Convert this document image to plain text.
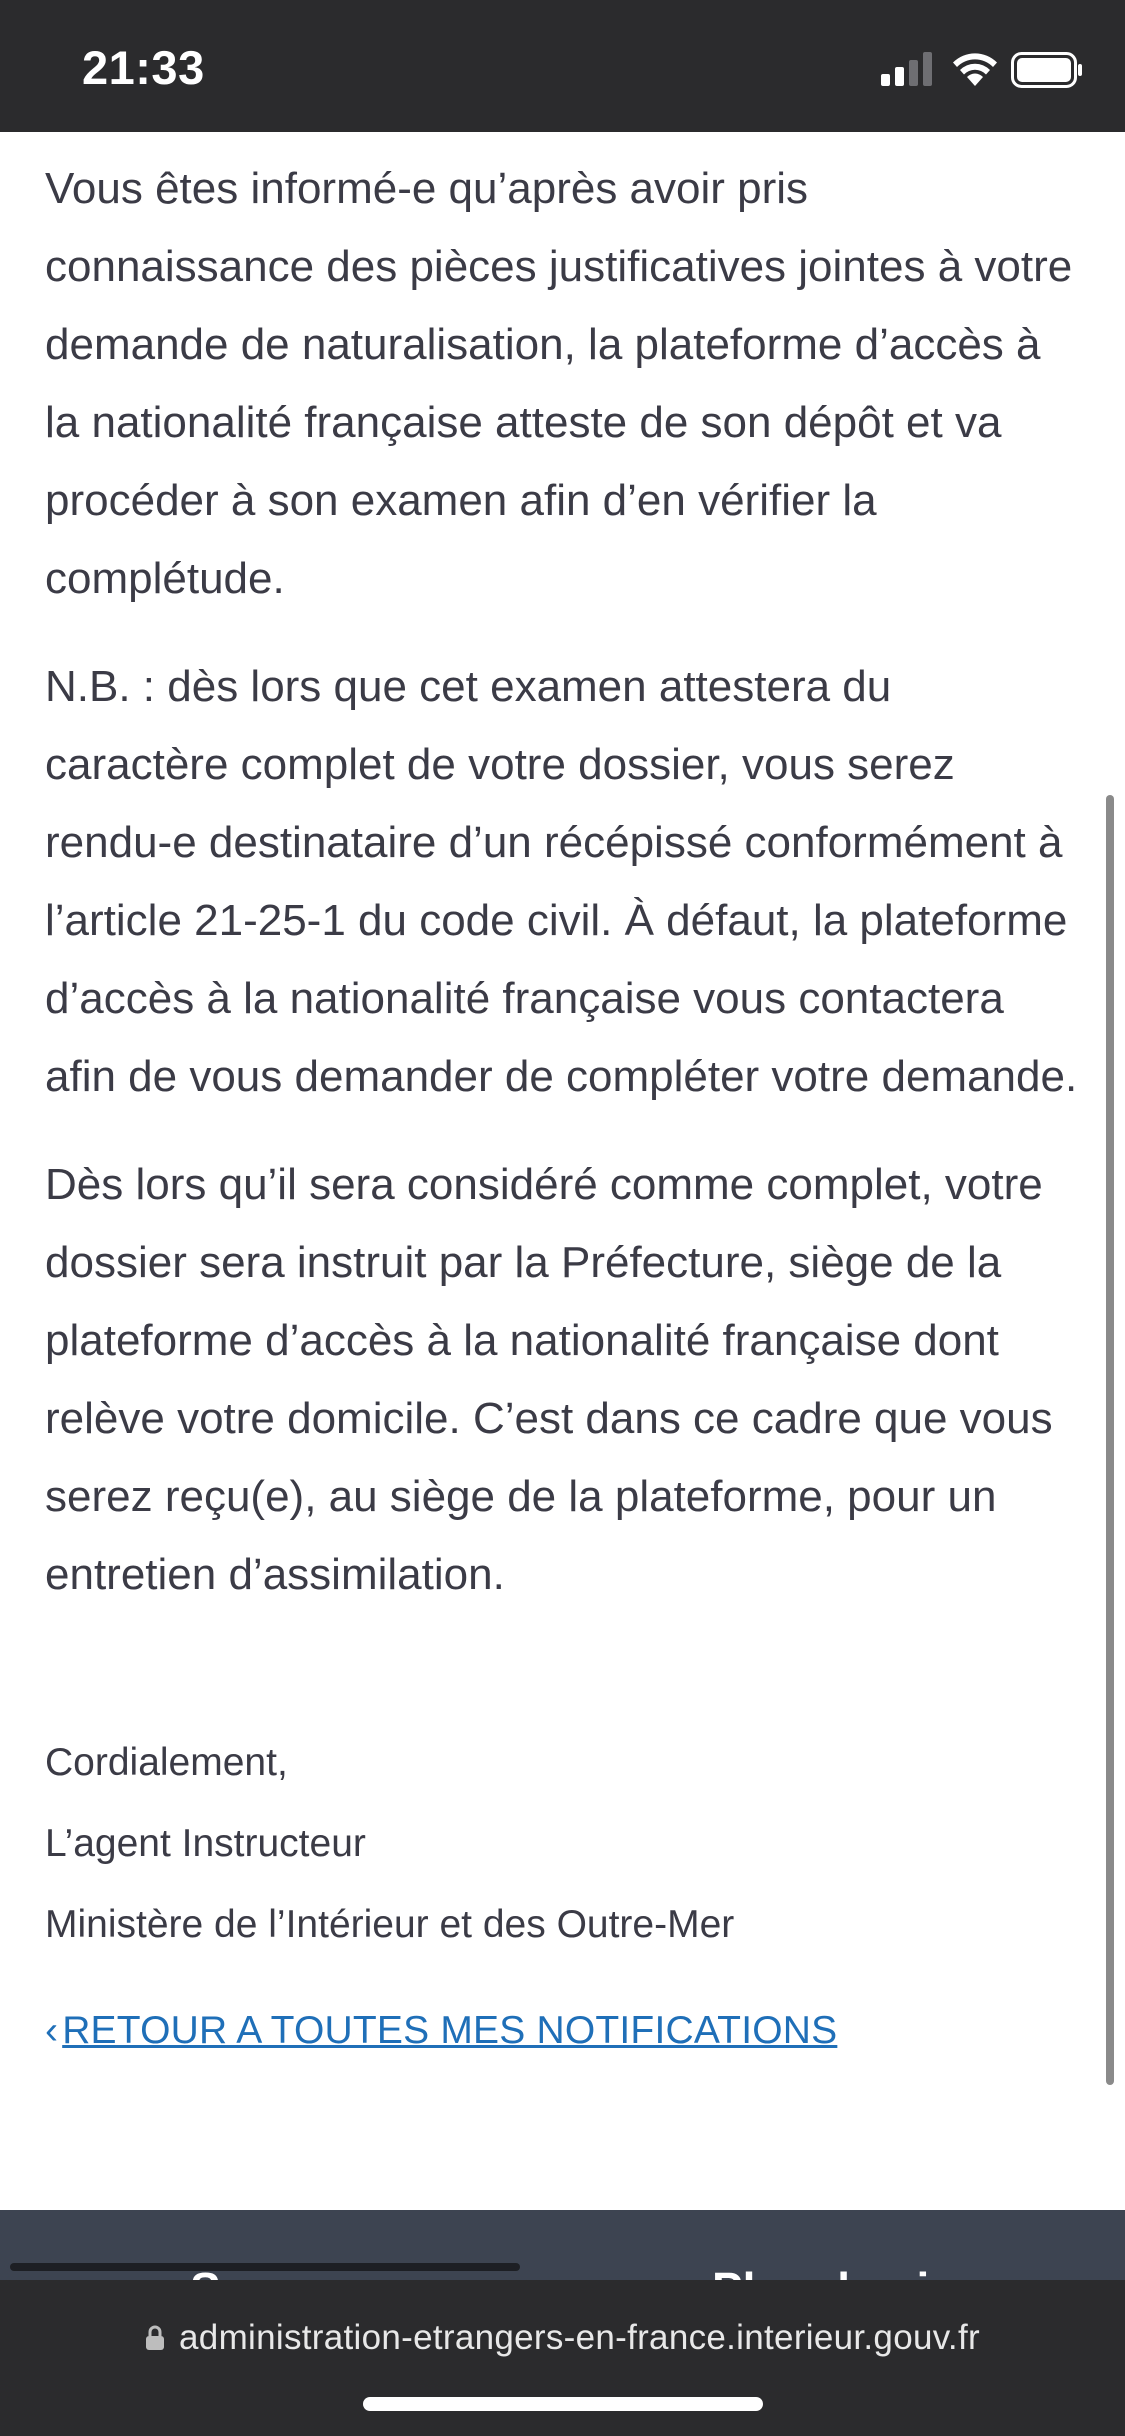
21:33

Vous êtes informé-e qu’après avoir pris connaissance des pièces justificatives jointes à votre demande de naturalisation, la plateforme d’accès à la nationalité française atteste de son dépôt et va procéder à son examen afin d’en vérifier la complétude.

N.B. : dès lors que cet examen attestera du caractère complet de votre dossier, vous serez rendu-e destinataire d’un récépissé conformément à l’article 21-25-1 du code civil. À défaut, la plateforme d’accès à la nationalité française vous contactera afin de vous demander de compléter votre demande.

Dès lors qu’il sera considéré comme complet, votre dossier sera instruit par la Préfecture, siège de la plateforme d’accès à la nationalité française dont relève votre domicile. C’est dans ce cadre que vous serez reçu(e), au siège de la plateforme, pour un entretien d’assimilation.

Cordialement,
L’agent Instructeur
Ministère de l’Intérieur et des Outre-Mer
‹ RETOUR A TOUTES MES NOTIFICATIONS
administration-etrangers-en-france.interieur.gouv.fr
